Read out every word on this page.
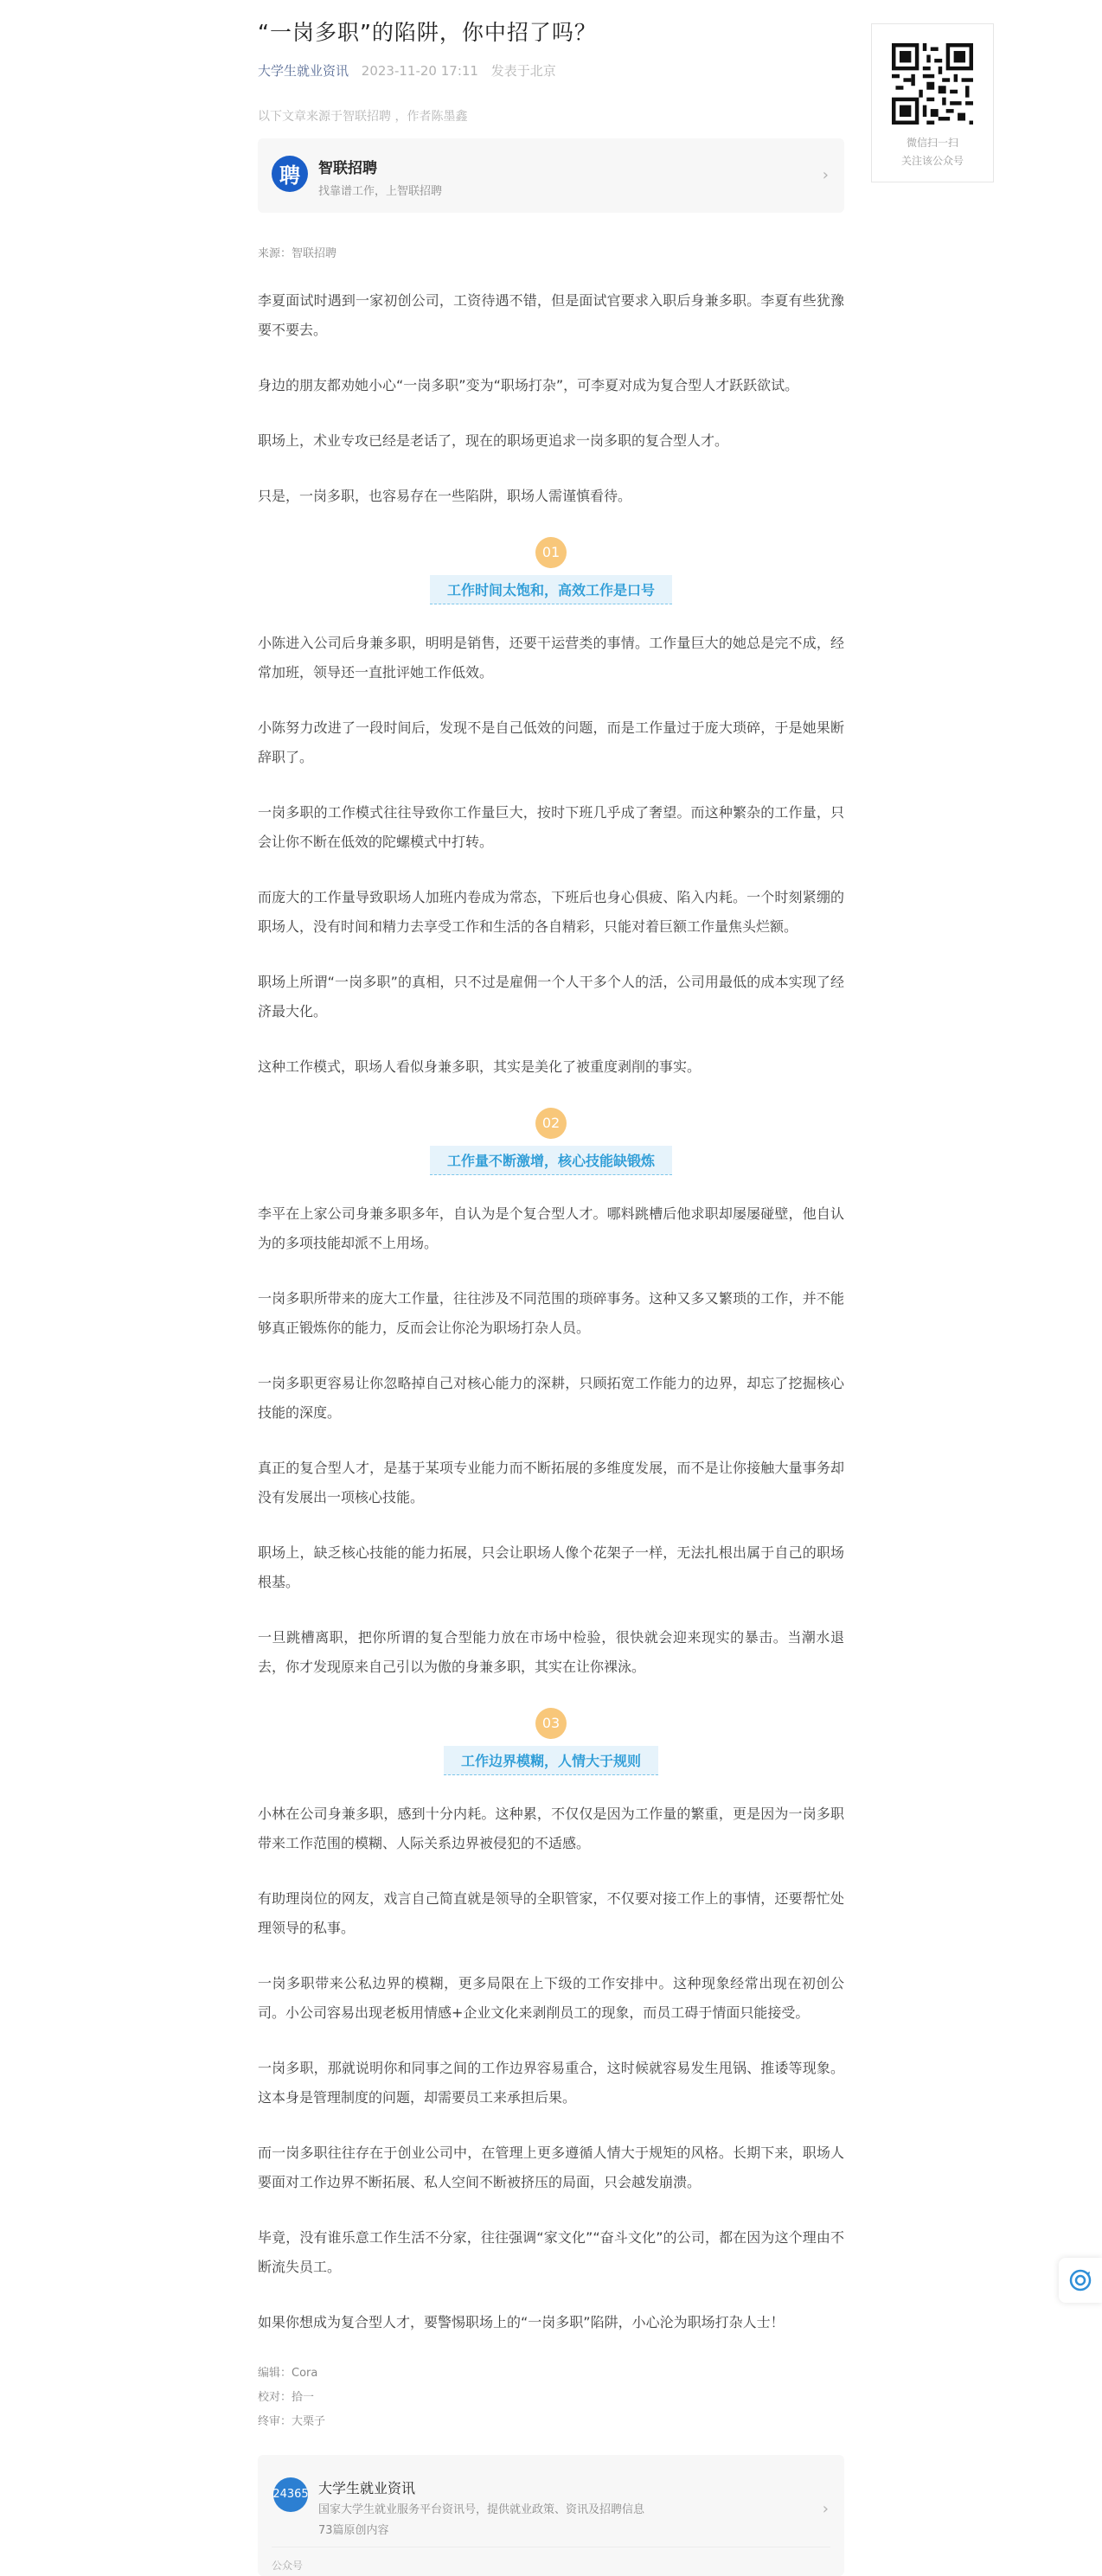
“一岗多职”的陷阱，你中招了吗？
大学生就业资讯 2023-11-20 17:11 发表于北京
以下文章来源于智联招聘 ，作者陈墨鑫
聘	智联招聘
找靠谱工作，上智联招聘
›
来源：智联招聘

李夏面试时遇到一家初创公司，工资待遇不错，但是面试官要求入职后身兼多职。李夏有些犹豫要不要去。

身边的朋友都劝她小心“一岗多职”变为“职场打杂”，可李夏对成为复合型人才跃跃欲试。

职场上，术业专攻已经是老话了，现在的职场更追求一岗多职的复合型人才。

只是，一岗多职，也容易存在一些陷阱，职场人需谨慎看待。

01
工作时间太饱和，高效工作是口号

小陈进入公司后身兼多职，明明是销售，还要干运营类的事情。工作量巨大的她总是完不成，经常加班，领导还一直批评她工作低效。

小陈努力改进了一段时间后，发现不是自己低效的问题，而是工作量过于庞大琐碎，于是她果断辞职了。

一岗多职的工作模式往往导致你工作量巨大，按时下班几乎成了奢望。而这种繁杂的工作量，只会让你不断在低效的陀螺模式中打转。

而庞大的工作量导致职场人加班内卷成为常态，下班后也身心俱疲、陷入内耗。一个时刻紧绷的职场人，没有时间和精力去享受工作和生活的各自精彩，只能对着巨额工作量焦头烂额。

职场上所谓“一岗多职”的真相，只不过是雇佣一个人干多个人的活，公司用最低的成本实现了经济最大化。

这种工作模式，职场人看似身兼多职，其实是美化了被重度剥削的事实。

02
工作量不断激增，核心技能缺锻炼

李平在上家公司身兼多职多年，自认为是个复合型人才。哪料跳槽后他求职却屡屡碰壁，他自认为的多项技能却派不上用场。

一岗多职所带来的庞大工作量，往往涉及不同范围的琐碎事务。这种又多又繁琐的工作，并不能够真正锻炼你的能力，反而会让你沦为职场打杂人员。

一岗多职更容易让你忽略掉自己对核心能力的深耕，只顾拓宽工作能力的边界，却忘了挖掘核心技能的深度。

真正的复合型人才，是基于某项专业能力而不断拓展的多维度发展，而不是让你接触大量事务却没有发展出一项核心技能。

职场上，缺乏核心技能的能力拓展，只会让职场人像个花架子一样，无法扎根出属于自己的职场根基。

一旦跳槽离职，把你所谓的复合型能力放在市场中检验，很快就会迎来现实的暴击。当潮水退去，你才发现原来自己引以为傲的身兼多职，其实在让你裸泳。

03
工作边界模糊，人情大于规则

小林在公司身兼多职，感到十分内耗。这种累，不仅仅是因为工作量的繁重，更是因为一岗多职带来工作范围的模糊、人际关系边界被侵犯的不适感。

有助理岗位的网友，戏言自己简直就是领导的全职管家，不仅要对接工作上的事情，还要帮忙处理领导的私事。

一岗多职带来公私边界的模糊，更多局限在上下级的工作安排中。这种现象经常出现在初创公司。小公司容易出现老板用情感+企业文化来剥削员工的现象，而员工碍于情面只能接受。

一岗多职，那就说明你和同事之间的工作边界容易重合，这时候就容易发生甩锅、推诿等现象。这本身是管理制度的问题，却需要员工来承担后果。

而一岗多职往往存在于创业公司中，在管理上更多遵循人情大于规矩的风格。长期下来，职场人要面对工作边界不断拓展、私人空间不断被挤压的局面，只会越发崩溃。

毕竟，没有谁乐意工作生活不分家，往往强调“家文化”“奋斗文化”的公司，都在因为这个理由不断流失员工。

如果你想成为复合型人才，要警惕职场上的“一岗多职”陷阱，小心沦为职场打杂人士！

编辑：Cora
校对：拾一
终审：大栗子
24365 大学生就业资讯
国家大学生就业服务平台资讯号，提供就业政策、资讯及招聘信息
73篇原创内容
›
公众号
微信扫一扫
关注该公众号
